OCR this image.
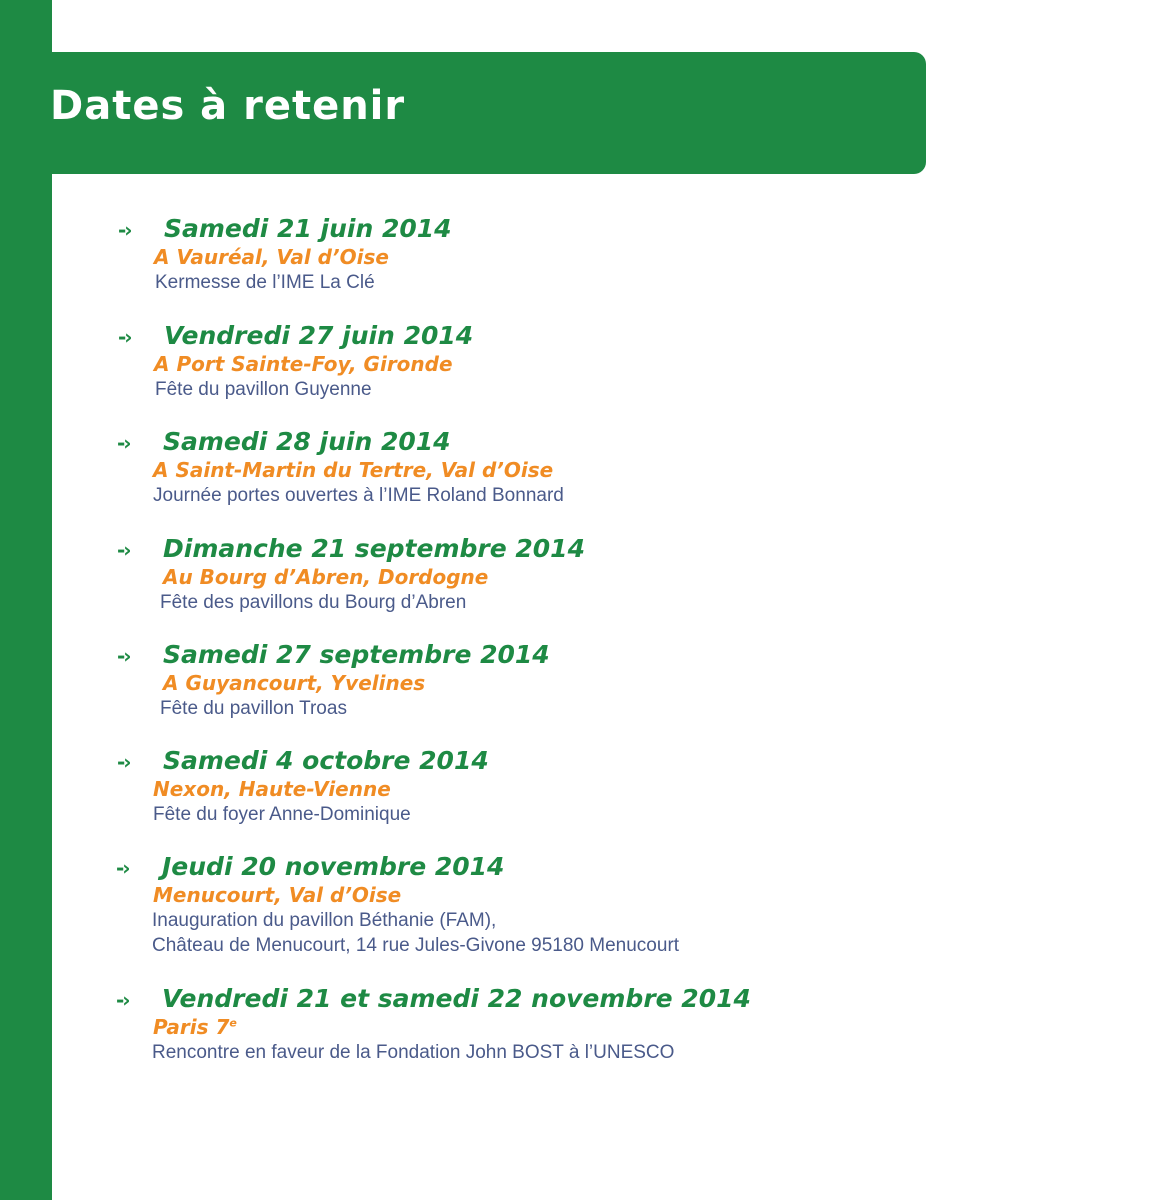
Dates à retenir
-› Samedi 21 juin 2014
A Vauréal, Val d’Oise
Kermesse de l’IME La Clé
-› Vendredi 27 juin 2014
A Port Sainte-Foy, Gironde
Fête du pavillon Guyenne
-› Samedi 28 juin 2014
A Saint-Martin du Tertre, Val d’Oise
Journée portes ouvertes à l’IME Roland Bonnard
-› Dimanche 21 septembre 2014
Au Bourg d’Abren, Dordogne
Fête des pavillons du Bourg d’Abren
-› Samedi 27 septembre 2014
A Guyancourt, Yvelines
Fête du pavillon Troas
-› Samedi 4 octobre 2014
Nexon, Haute-Vienne
Fête du foyer Anne-Dominique
-› Jeudi 20 novembre 2014
Menucourt, Val d’Oise
Inauguration du pavillon Béthanie (FAM),
Château de Menucourt, 14 rue Jules-Givone 95180 Menucourt
-› Vendredi 21 et samedi 22 novembre 2014
Paris 7e
Rencontre en faveur de la Fondation John BOST à l’UNESCO
